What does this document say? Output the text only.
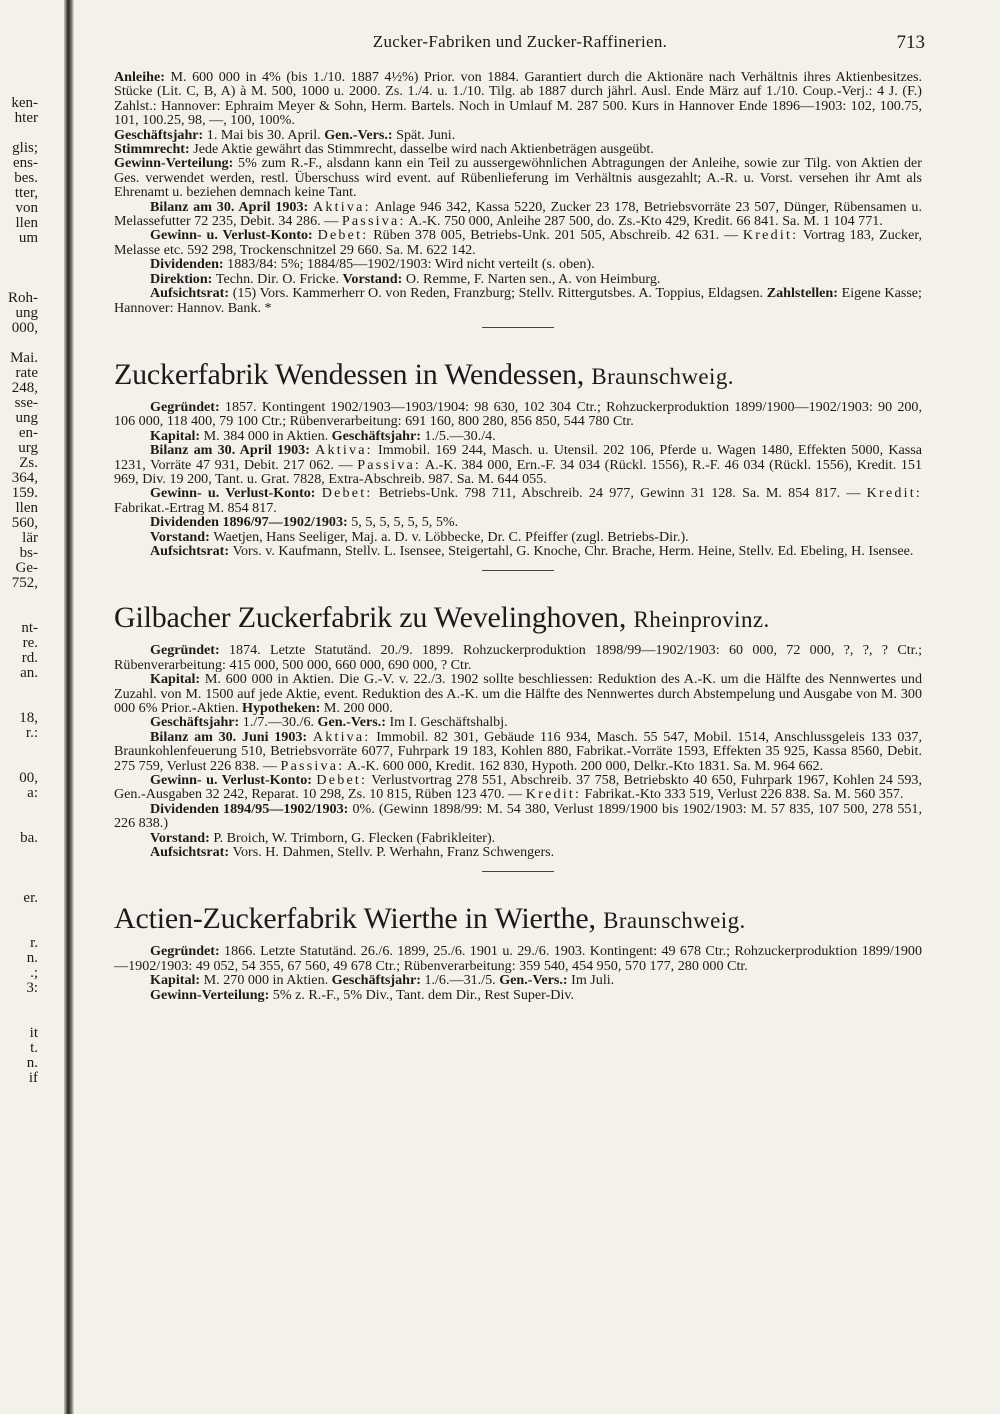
ken-
hter
glis;
ens-
bes.
tter,
von
llen
um
Roh-
ung
000,
Mai.
rate
248,
sse-
ung
en-
urg
Zs.
364,
159.
llen
560,
lär
bs-
Ge-
752,
nt-
re.
rd.
an.
18,
r.:
00,
a:
ba.
er.
r.
n.
.;
3:
it
t.
n.
if
Zucker-Fabriken und Zucker-Raffinerien.	713

Anleihe: M. 600 000 in 4% (bis 1./10. 1887 4½%) Prior. von 1884. Garantiert durch die Aktionäre nach Verhältnis ihres Aktienbesitzes. Stücke (Lit. C, B, A) à M. 500, 1000 u. 2000. Zs. 1./4. u. 1./10. Tilg. ab 1887 durch jährl. Ausl. Ende März auf 1./10. Coup.-Verj.: 4 J. (F.) Zahlst.: Hannover: Ephraim Meyer & Sohn, Herm. Bartels. Noch in Umlauf M. 287 500. Kurs in Hannover Ende 1896—1903: 102, 100.75, 101, 100.25, 98, —, 100, 100%.

Geschäftsjahr: 1. Mai bis 30. April. Gen.-Vers.: Spät. Juni.

Stimmrecht: Jede Aktie gewährt das Stimmrecht, dasselbe wird nach Aktienbeträgen ausgeübt.

Gewinn-Verteilung: 5% zum R.-F., alsdann kann ein Teil zu aussergewöhnlichen Abtragungen der Anleihe, sowie zur Tilg. von Aktien der Ges. verwendet werden, restl. Überschuss wird event. auf Rübenlieferung im Verhältnis ausgezahlt; A.-R. u. Vorst. versehen ihr Amt als Ehrenamt u. beziehen demnach keine Tant.

Bilanz am 30. April 1903: Aktiva: Anlage 946 342, Kassa 5220, Zucker 23 178, Betriebsvorräte 23 507, Dünger, Rübensamen u. Melassefutter 72 235, Debit. 34 286. — Passiva: A.-K. 750 000, Anleihe 287 500, do. Zs.-Kto 429, Kredit. 66 841. Sa. M. 1 104 771.

Gewinn- u. Verlust-Konto: Debet: Rüben 378 005, Betriebs-Unk. 201 505, Abschreib. 42 631. — Kredit: Vortrag 183, Zucker, Melasse etc. 592 298, Trockenschnitzel 29 660. Sa. M. 622 142.

Dividenden: 1883/84: 5%; 1884/85—1902/1903: Wird nicht verteilt (s. oben).

Direktion: Techn. Dir. O. Fricke. Vorstand: O. Remme, F. Narten sen., A. von Heimburg.

Aufsichtsrat: (15) Vors. Kammerherr O. von Reden, Franzburg; Stellv. Rittergutsbes. A. Toppius, Eldagsen. Zahlstellen: Eigene Kasse; Hannover: Hannov. Bank. *

Zuckerfabrik Wendessen in Wendessen, Braunschweig.

Gegründet: 1857. Kontingent 1902/1903—1903/1904: 98 630, 102 304 Ctr.; Rohzuckerproduktion 1899/1900—1902/1903: 90 200, 106 000, 118 400, 79 100 Ctr.; Rübenverarbeitung: 691 160, 800 280, 856 850, 544 780 Ctr.

Kapital: M. 384 000 in Aktien. Geschäftsjahr: 1./5.—30./4.

Bilanz am 30. April 1903: Aktiva: Immobil. 169 244, Masch. u. Utensil. 202 106, Pferde u. Wagen 1480, Effekten 5000, Kassa 1231, Vorräte 47 931, Debit. 217 062. — Passiva: A.-K. 384 000, Ern.-F. 34 034 (Rückl. 1556), R.-F. 46 034 (Rückl. 1556), Kredit. 151 969, Div. 19 200, Tant. u. Grat. 7828, Extra-Abschreib. 987. Sa. M. 644 055.

Gewinn- u. Verlust-Konto: Debet: Betriebs-Unk. 798 711, Abschreib. 24 977, Gewinn 31 128. Sa. M. 854 817. — Kredit: Fabrikat.-Ertrag M. 854 817.

Dividenden 1896/97—1902/1903: 5, 5, 5, 5, 5, 5, 5%.

Vorstand: Waetjen, Hans Seeliger, Maj. a. D. v. Löbbecke, Dr. C. Pfeiffer (zugl. Betriebs-Dir.).

Aufsichtsrat: Vors. v. Kaufmann, Stellv. L. Isensee, Steigertahl, G. Knoche, Chr. Brache, Herm. Heine, Stellv. Ed. Ebeling, H. Isensee.

Gilbacher Zuckerfabrik zu Wevelinghoven, Rheinprovinz.

Gegründet: 1874. Letzte Statutänd. 20./9. 1899. Rohzuckerproduktion 1898/99—1902/1903: 60 000, 72 000, ?, ?, ? Ctr.; Rübenverarbeitung: 415 000, 500 000, 660 000, 690 000, ? Ctr.

Kapital: M. 600 000 in Aktien. Die G.-V. v. 22./3. 1902 sollte beschliessen: Reduktion des A.-K. um die Hälfte des Nennwertes und Zuzahl. von M. 1500 auf jede Aktie, event. Reduktion des A.-K. um die Hälfte des Nennwertes durch Abstempelung und Ausgabe von M. 300 000 6% Prior.-Aktien. Hypotheken: M. 200 000.

Geschäftsjahr: 1./7.—30./6. Gen.-Vers.: Im I. Geschäftshalbj.

Bilanz am 30. Juni 1903: Aktiva: Immobil. 82 301, Gebäude 116 934, Masch. 55 547, Mobil. 1514, Anschlussgeleis 133 037, Braunkohlenfeuerung 510, Betriebsvorräte 6077, Fuhrpark 19 183, Kohlen 880, Fabrikat.-Vorräte 1593, Effekten 35 925, Kassa 8560, Debit. 275 759, Verlust 226 838. — Passiva: A.-K. 600 000, Kredit. 162 830, Hypoth. 200 000, Delkr.-Kto 1831. Sa. M. 964 662.

Gewinn- u. Verlust-Konto: Debet: Verlustvortrag 278 551, Abschreib. 37 758, Betriebskto 40 650, Fuhrpark 1967, Kohlen 24 593, Gen.-Ausgaben 32 242, Reparat. 10 298, Zs. 10 815, Rüben 123 470. — Kredit: Fabrikat.-Kto 333 519, Verlust 226 838. Sa. M. 560 357.

Dividenden 1894/95—1902/1903: 0%. (Gewinn 1898/99: M. 54 380, Verlust 1899/1900 bis 1902/1903: M. 57 835, 107 500, 278 551, 226 838.)

Vorstand: P. Broich, W. Trimborn, G. Flecken (Fabrikleiter).

Aufsichtsrat: Vors. H. Dahmen, Stellv. P. Werhahn, Franz Schwengers.

Actien-Zuckerfabrik Wierthe in Wierthe, Braunschweig.

Gegründet: 1866. Letzte Statutänd. 26./6. 1899, 25./6. 1901 u. 29./6. 1903. Kontingent: 49 678 Ctr.; Rohzuckerproduktion 1899/1900—1902/1903: 49 052, 54 355, 67 560, 49 678 Ctr.; Rübenverarbeitung: 359 540, 454 950, 570 177, 280 000 Ctr.

Kapital: M. 270 000 in Aktien. Geschäftsjahr: 1./6.—31./5. Gen.-Vers.: Im Juli.

Gewinn-Verteilung: 5% z. R.-F., 5% Div., Tant. dem Dir., Rest Super-Div.
